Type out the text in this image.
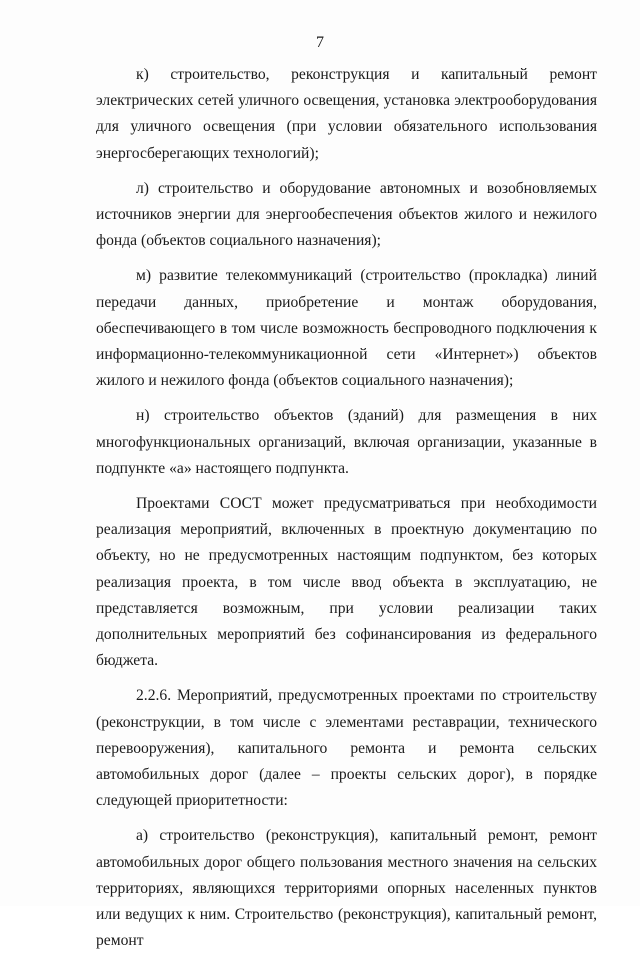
7

к) строительство, реконструкция и капитальный ремонт электрических сетей уличного освещения, установка электрооборудования для уличного освещения (при условии обязательного использования энергосберегающих технологий);

л) строительство и оборудование автономных и возобновляемых источников энергии для энергообеспечения объектов жилого и нежилого фонда (объектов социального назначения);

м) развитие телекоммуникаций (строительство (прокладка) линий передачи данных, приобретение и монтаж оборудования, обеспечивающего в том числе возможность беспроводного подключения к информационно-телекоммуникационной сети «Интернет») объектов жилого и нежилого фонда (объектов социального назначения);

н) строительство объектов (зданий) для размещения в них многофункциональных организаций, включая организации, указанные в подпункте «а» настоящего подпункта.

Проектами СОСТ может предусматриваться при необходимости реализация мероприятий, включенных в проектную документацию по объекту, но не предусмотренных настоящим подпунктом, без которых реализация проекта, в том числе ввод объекта в эксплуатацию, не представляется возможным, при условии реализации таких дополнительных мероприятий без софинансирования из федерального бюджета.

2.2.6. Мероприятий, предусмотренных проектами по строительству (реконструкции, в том числе с элементами реставрации, технического перевооружения), капитального ремонта и ремонта сельских автомобильных дорог (далее – проекты сельских дорог), в порядке следующей приоритетности:

а) строительство (реконструкция), капитальный ремонт, ремонт автомобильных дорог общего пользования местного значения на сельских территориях, являющихся территориями опорных населенных пунктов или ведущих к ним. Строительство (реконструкция), капитальный ремонт, ремонт
